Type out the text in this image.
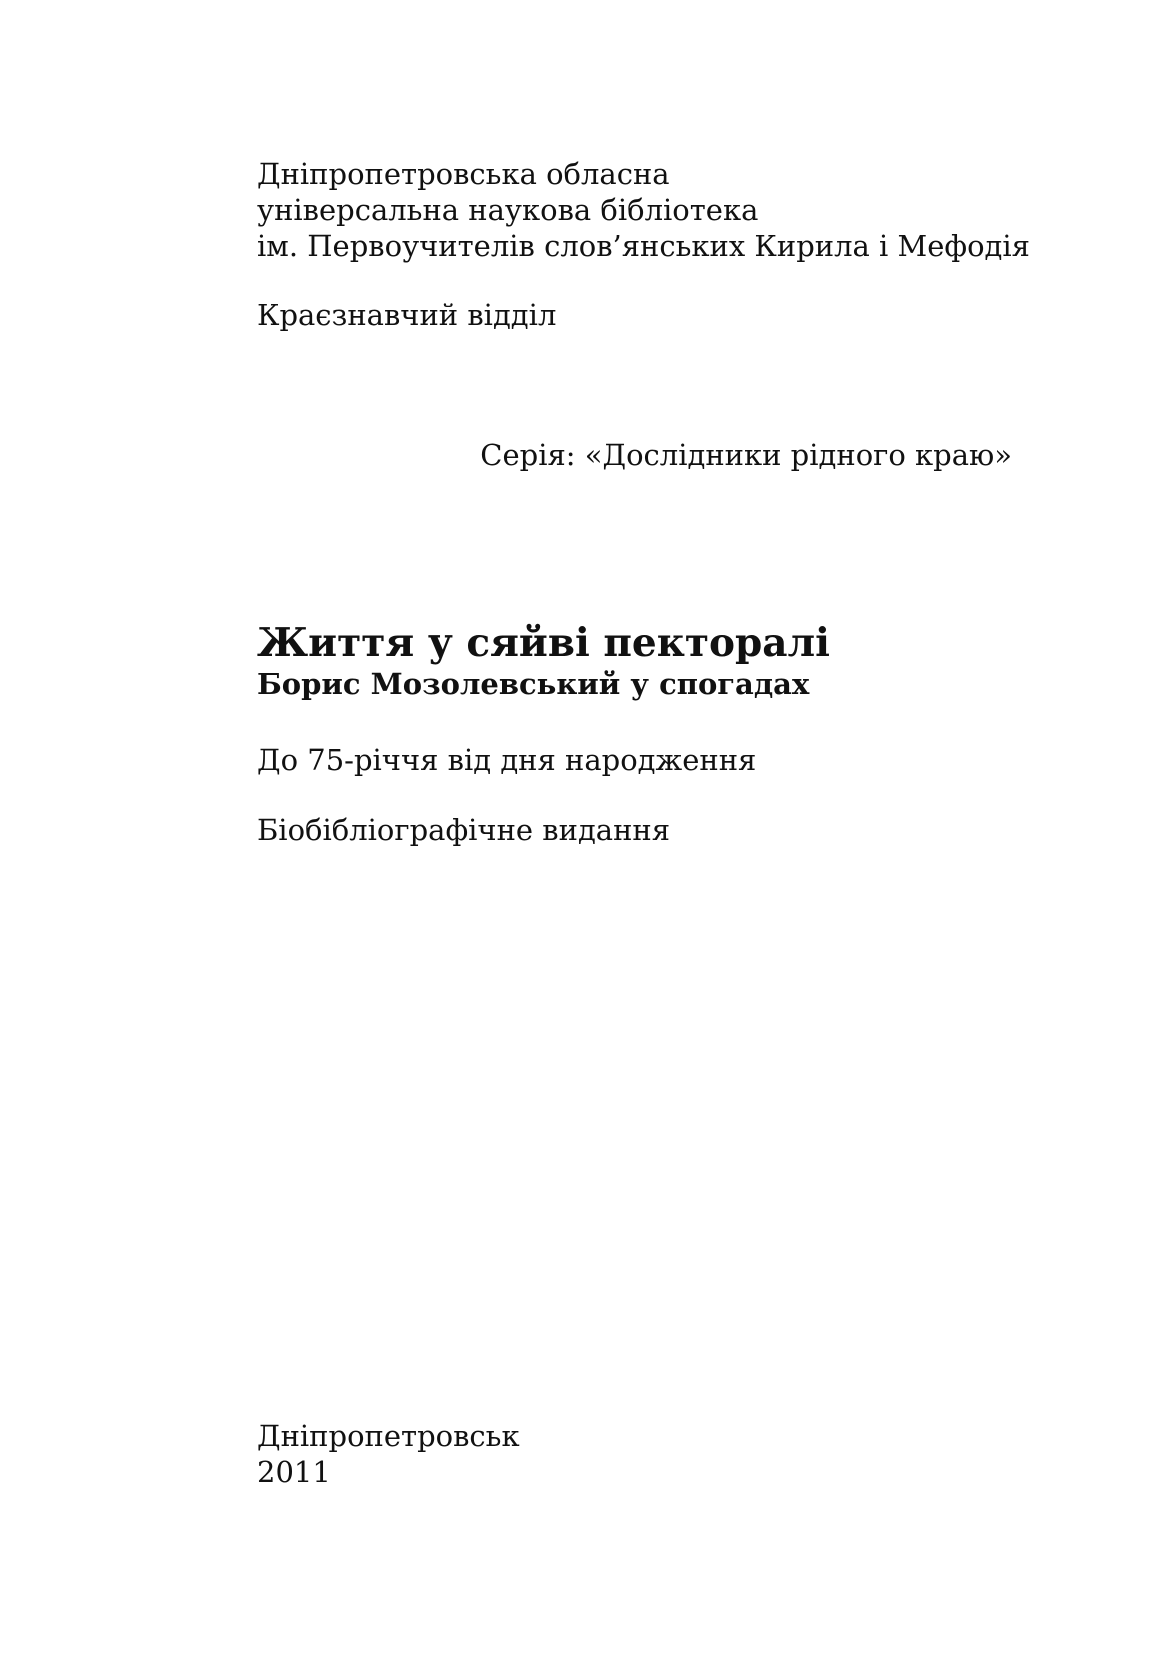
Дніпропетровська обласна
універсальна наукова бібліотека
ім. Первоучителів слов’янських Кирила і Мефодія
Краєзнавчий відділ
Серія: «Дослідники рідного краю»
Життя у сяйві пекторалі
Борис Мозолевський у спогадах
До 75-річчя від дня народження
Біобібліографічне видання
Дніпропетровськ
2011
